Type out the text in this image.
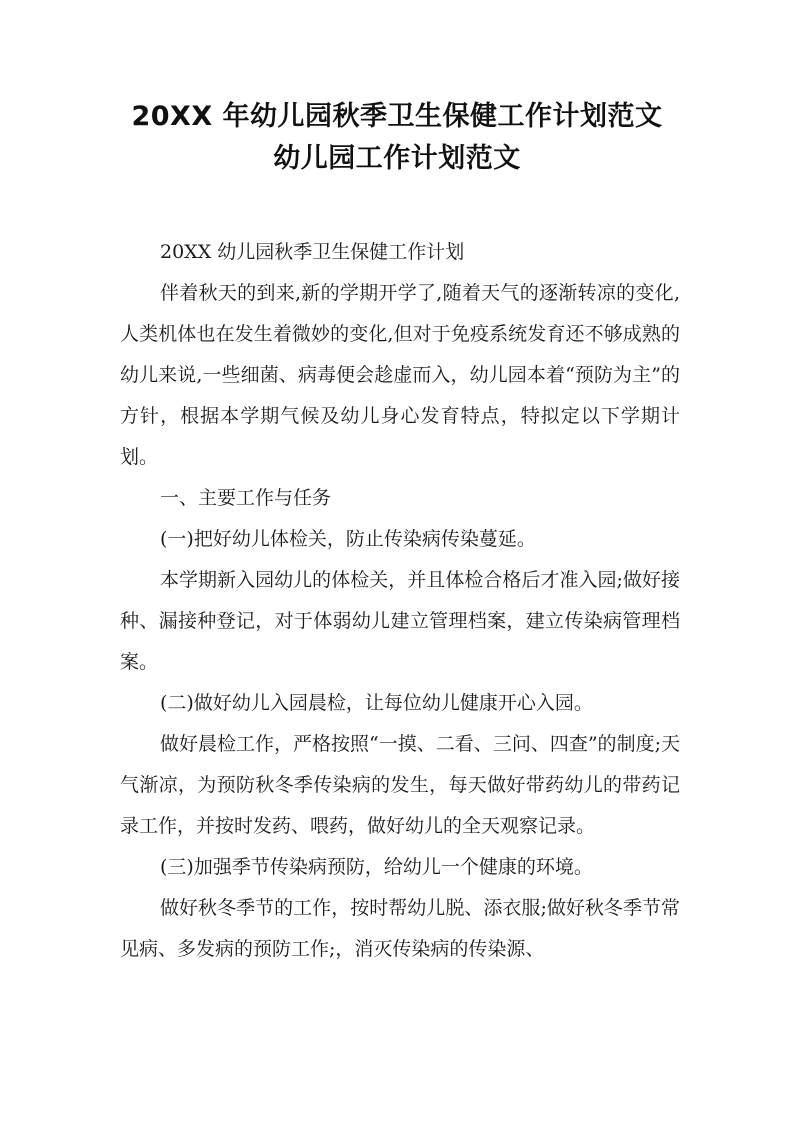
20XX 年幼儿园秋季卫生保健工作计划范文
幼儿园工作计划范文
20XX 幼儿园秋季卫生保健工作计划
伴着秋天的到来,新的学期开学了,随着天气的逐渐转凉的变化,人类机体也在发生着微妙的变化,但对于免疫系统发育还不够成熟的幼儿来说,一些细菌、病毒便会趁虚而入，幼儿园本着“预防为主”的方针，根据本学期气候及幼儿身心发育特点，特拟定以下学期计划。
一、主要工作与任务
(一)把好幼儿体检关，防止传染病传染蔓延。
本学期新入园幼儿的体检关，并且体检合格后才准入园;做好接种、漏接种登记，对于体弱幼儿建立管理档案，建立传染病管理档案。
(二)做好幼儿入园晨检，让每位幼儿健康开心入园。
做好晨检工作，严格按照“一摸、二看、三问、四查”的制度;天气渐凉，为预防秋冬季传染病的发生，每天做好带药幼儿的带药记录工作，并按时发药、喂药，做好幼儿的全天观察记录。
(三)加强季节传染病预防，给幼儿一个健康的环境。
做好秋冬季节的工作，按时帮幼儿脱、添衣服;做好秋冬季节常见病、多发病的预防工作;，消灭传染病的传染源、
